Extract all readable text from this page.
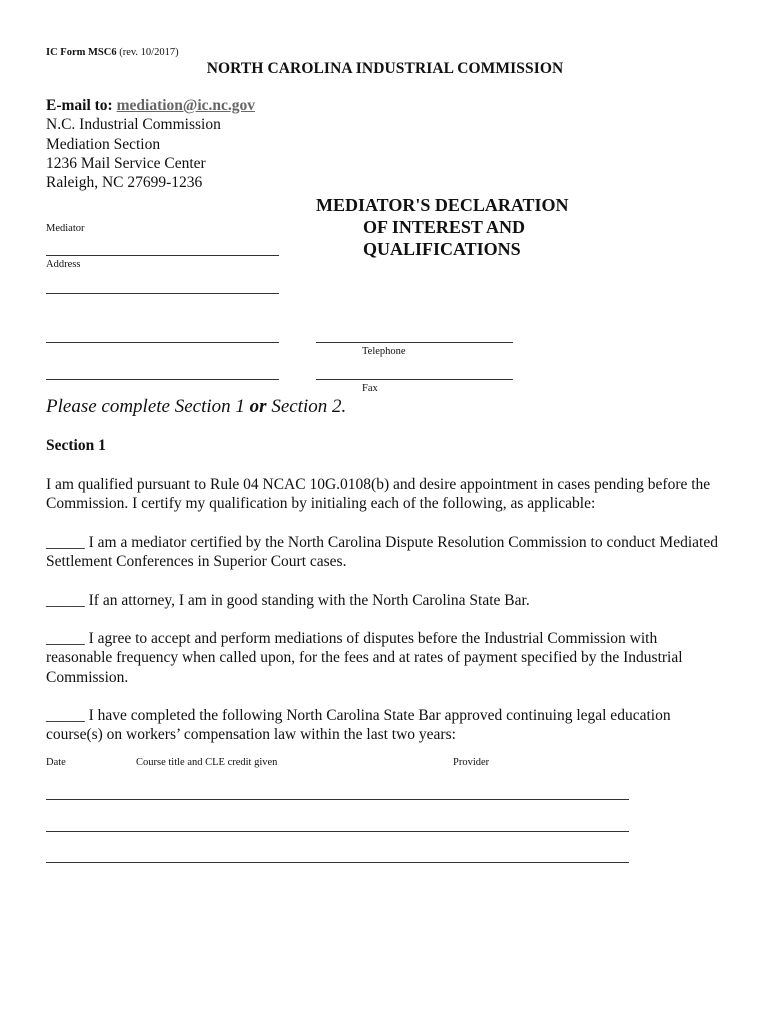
IC Form MSC6 (rev. 10/2017)
NORTH CAROLINA INDUSTRIAL COMMISSION
E-mail to: mediation@ic.nc.gov
N.C. Industrial Commission
Mediation Section
1236 Mail Service Center
Raleigh, NC 27699-1236
MEDIATOR'S DECLARATION
OF INTEREST AND
QUALIFICATIONS
Mediator
Address
Telephone
Fax
Please complete Section 1 or Section 2.
Section 1
I am qualified pursuant to Rule 04 NCAC 10G.0108(b) and desire appointment in cases pending before the Commission. I certify my qualification by initialing each of the following, as applicable:
_____ I am a mediator certified by the North Carolina Dispute Resolution Commission to conduct Mediated Settlement Conferences in Superior Court cases.
_____ If an attorney, I am in good standing with the North Carolina State Bar.
_____ I agree to accept and perform mediations of disputes before the Industrial Commission with reasonable frequency when called upon, for the fees and at rates of payment specified by the Industrial Commission.
_____ I have completed the following North Carolina State Bar approved continuing legal education course(s) on workers’ compensation law within the last two years:
Date	Course title and CLE credit given	Provider
